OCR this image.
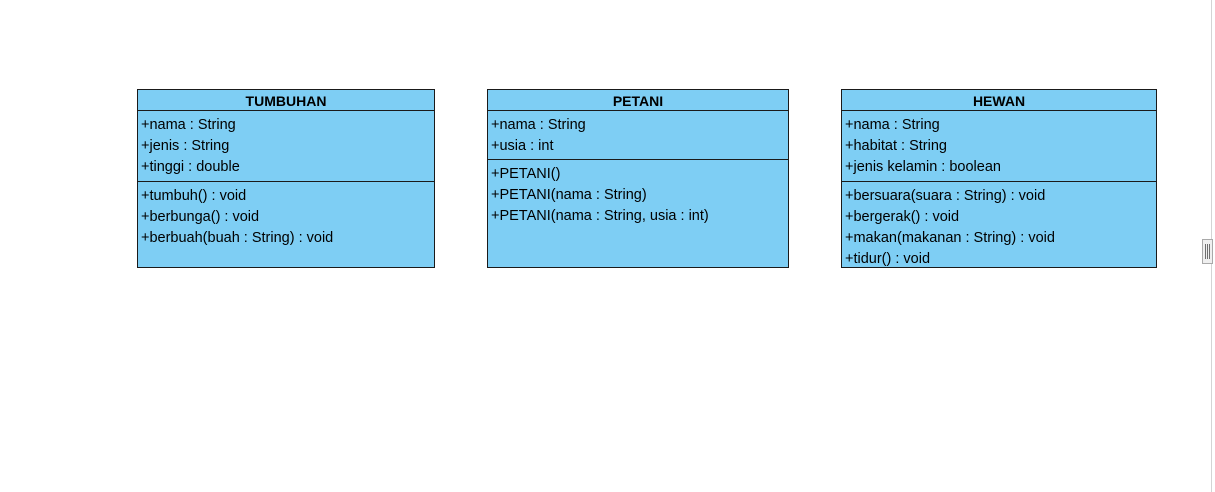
TUMBUHAN
+nama : String
+jenis : String
+tinggi : double
+tumbuh() : void
+berbunga() : void
+berbuah(buah : String) : void
PETANI
+nama : String
+usia : int
+PETANI()
+PETANI(nama : String)
+PETANI(nama : String, usia : int)
HEWAN
+nama : String
+habitat : String
+jenis kelamin : boolean
+bersuara(suara : String) : void
+bergerak() : void
+makan(makanan : String) : void
+tidur() : void
